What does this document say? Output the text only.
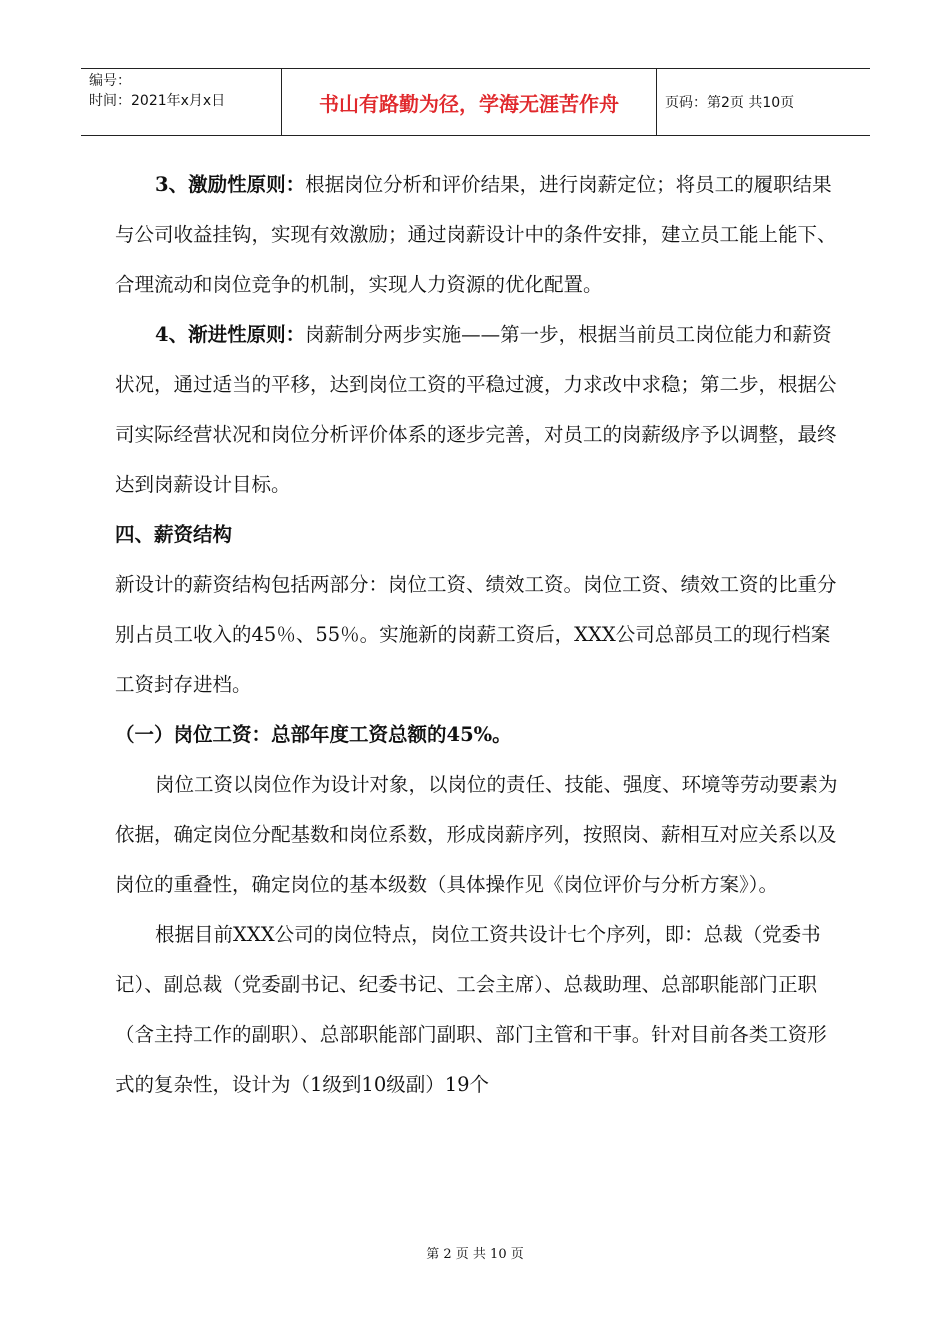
编号：
时间：2021年x月x日	书山有路勤为径，学海无涯苦作舟	页码：第2页 共10页

3、激励性原则：根据岗位分析和评价结果，进行岗薪定位；将员工的履职结果与公司收益挂钩，实现有效激励；通过岗薪设计中的条件安排，建立员工能上能下、合理流动和岗位竞争的机制，实现人力资源的优化配置。

4、渐进性原则：岗薪制分两步实施——第一步，根据当前员工岗位能力和薪资状况，通过适当的平移，达到岗位工资的平稳过渡，力求改中求稳；第二步，根据公司实际经营状况和岗位分析评价体系的逐步完善，对员工的岗薪级序予以调整，最终达到岗薪设计目标。

四、薪资结构

新设计的薪资结构包括两部分：岗位工资、绩效工资。岗位工资、绩效工资的比重分别占员工收入的45％、55％。实施新的岗薪工资后，XXX公司总部员工的现行档案工资封存进档。

（一）岗位工资：总部年度工资总额的45%。

岗位工资以岗位作为设计对象，以岗位的责任、技能、强度、环境等劳动要素为依据，确定岗位分配基数和岗位系数，形成岗薪序列，按照岗、薪相互对应关系以及岗位的重叠性，确定岗位的基本级数（具体操作见《岗位评价与分析方案》）。

根据目前XXX公司的岗位特点，岗位工资共设计七个序列，即：总裁（党委书记）、副总裁（党委副书记、纪委书记、工会主席）、总裁助理、总部职能部门正职（含主持工作的副职）、总部职能部门副职、部门主管和干事。针对目前各类工资形式的复杂性，设计为（1级到10级副）19个

第 2 页 共 10 页
